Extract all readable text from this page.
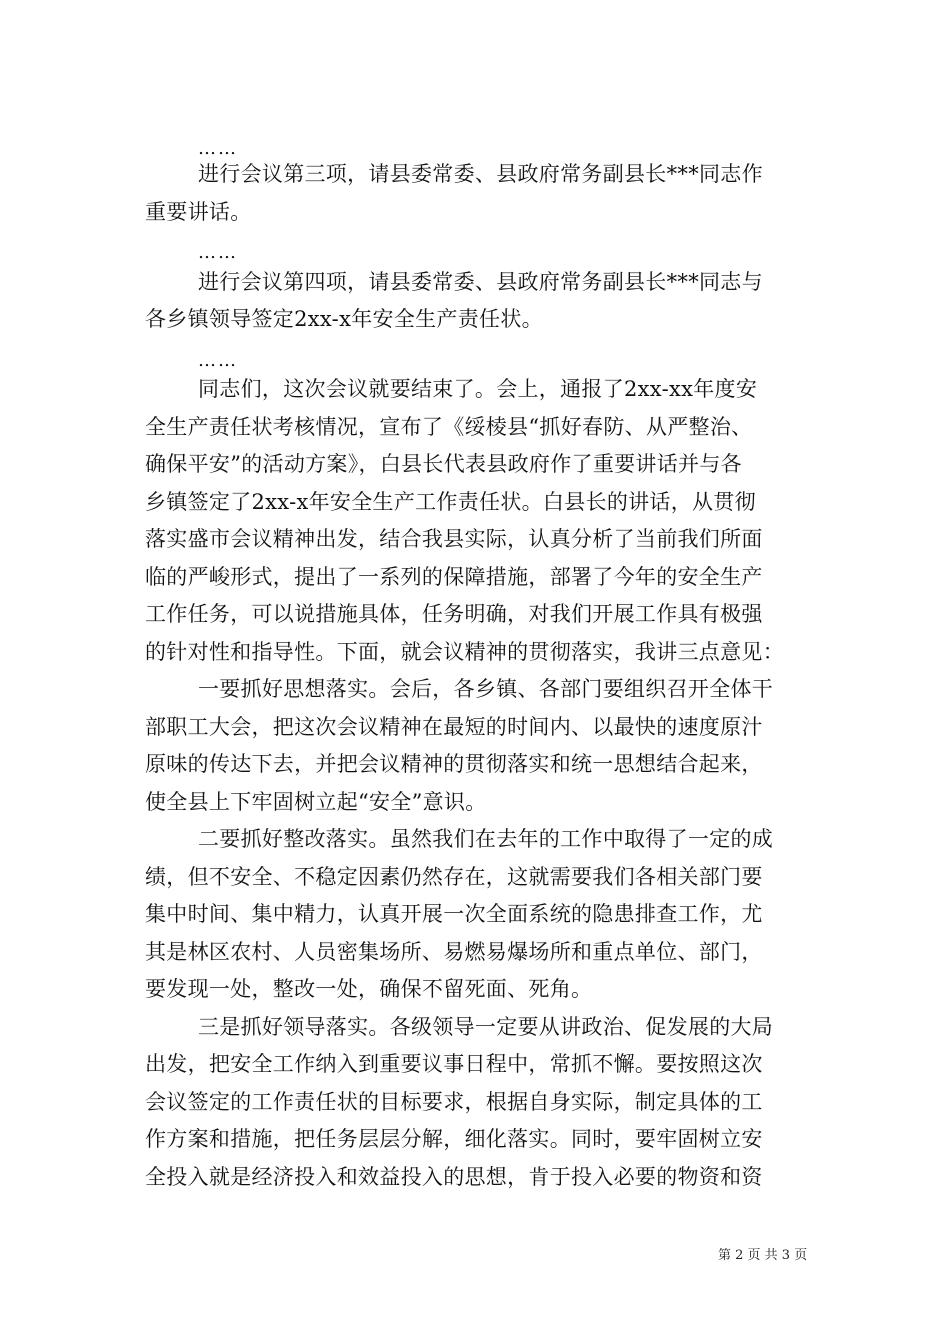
……
进行会议第三项，请县委常委、县政府常务副县长***同志作
重要讲话。
……
进行会议第四项，请县委常委、县政府常务副县长***同志与
各乡镇领导签定2xx-x年安全生产责任状。
……
同志们，这次会议就要结束了。会上，通报了2xx-xx年度安
全生产责任状考核情况，宣布了《绥棱县“抓好春防、从严整治、
确保平安”的活动方案》，白县长代表县政府作了重要讲话并与各
乡镇签定了2xx-x年安全生产工作责任状。白县长的讲话，从贯彻
落实盛市会议精神出发，结合我县实际，认真分析了当前我们所面
临的严峻形式，提出了一系列的保障措施，部署了今年的安全生产
工作任务，可以说措施具体，任务明确，对我们开展工作具有极强
的针对性和指导性。下面，就会议精神的贯彻落实，我讲三点意见：
一要抓好思想落实。会后，各乡镇、各部门要组织召开全体干
部职工大会，把这次会议精神在最短的时间内、以最快的速度原汁
原味的传达下去，并把会议精神的贯彻落实和统一思想结合起来，
使全县上下牢固树立起“安全”意识。
二要抓好整改落实。虽然我们在去年的工作中取得了一定的成
绩，但不安全、不稳定因素仍然存在，这就需要我们各相关部门要
集中时间、集中精力，认真开展一次全面系统的隐患排查工作，尤
其是林区农村、人员密集场所、易燃易爆场所和重点单位、部门，
要发现一处，整改一处，确保不留死面、死角。
三是抓好领导落实。各级领导一定要从讲政治、促发展的大局
出发，把安全工作纳入到重要议事日程中，常抓不懈。要按照这次
会议签定的工作责任状的目标要求，根据自身实际，制定具体的工
作方案和措施，把任务层层分解，细化落实。同时，要牢固树立安
全投入就是经济投入和效益投入的思想，肯于投入必要的物资和资
第 2 页 共 3 页
